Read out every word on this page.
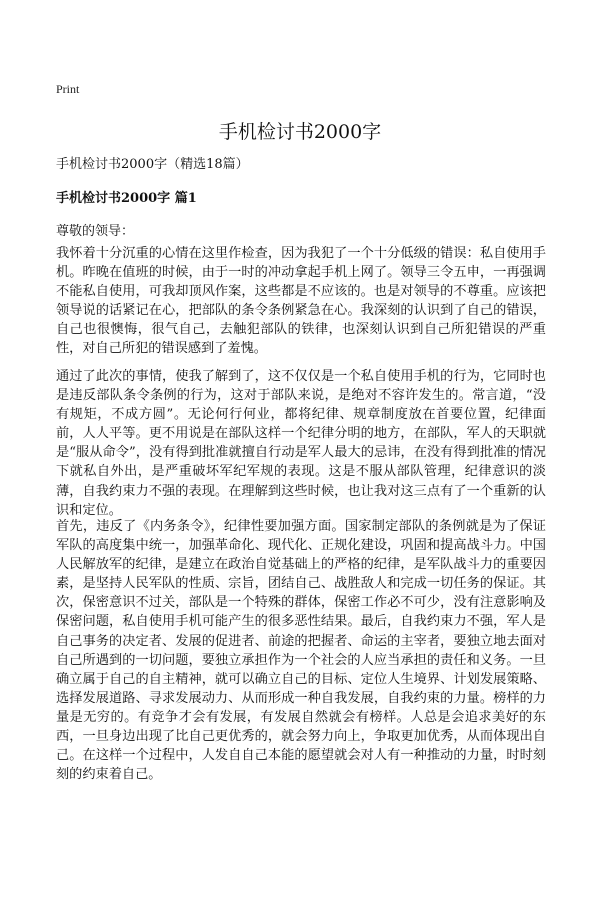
Print
手机检讨书2000字
手机检讨书2000字（精选18篇）
手机检讨书2000字 篇1
尊敬的领导：

我怀着十分沉重的心情在这里作检查，因为我犯了一个十分低级的错误：私自使用手机。昨晚在值班的时候，由于一时的冲动拿起手机上网了。领导三令五申，一再强调不能私自使用，可我却顶风作案，这些都是不应该的。也是对领导的不尊重。应该把领导说的话紧记在心，把部队的条令条例紧急在心。我深刻的认识到了自己的错误，自己也很懊悔，很气自己，去触犯部队的铁律，也深刻认识到自己所犯错误的严重性，对自己所犯的错误感到了羞愧。

通过了此次的事情，使我了解到了，这不仅仅是一个私自使用手机的行为，它同时也是违反部队条令条例的行为，这对于部队来说，是绝对不容许发生的。常言道，“没有规矩，不成方圆”。无论何行何业，都将纪律、规章制度放在首要位置，纪律面前，人人平等。更不用说是在部队这样一个纪律分明的地方，在部队，军人的天职就是“服从命令”，没有得到批准就擅自行动是军人最大的忌讳，在没有得到批准的情况下就私自外出，是严重破坏军纪军规的表现。这是不服从部队管理，纪律意识的淡薄，自我约束力不强的表现。在理解到这些时候，也让我对这三点有了一个重新的认识和定位。

首先，违反了《内务条令》，纪律性要加强方面。国家制定部队的条例就是为了保证军队的高度集中统一，加强革命化、现代化、正规化建设，巩固和提高战斗力。中国人民解放军的纪律，是建立在政治自觉基础上的严格的纪律，是军队战斗力的重要因素，是坚持人民军队的性质、宗旨，团结自己、战胜敌人和完成一切任务的保证。其次，保密意识不过关，部队是一个特殊的群体，保密工作必不可少，没有注意影响及保密问题，私自使用手机可能产生的很多恶性结果。最后，自我约束力不强，军人是自己事务的决定者、发展的促进者、前途的把握者、命运的主宰者，要独立地去面对自己所遇到的一切问题，要独立承担作为一个社会的人应当承担的责任和义务。一旦确立属于自己的自主精神，就可以确立自己的目标、定位人生境界、计划发展策略、选择发展道路、寻求发展动力、从而形成一种自我发展，自我约束的力量。榜样的力量是无穷的。有竞争才会有发展，有发展自然就会有榜样。人总是会追求美好的东西，一旦身边出现了比自己更优秀的，就会努力向上，争取更加优秀，从而体现出自己。在这样一个过程中，人发自自己本能的愿望就会对人有一种推动的力量，时时刻刻的约束着自己。
